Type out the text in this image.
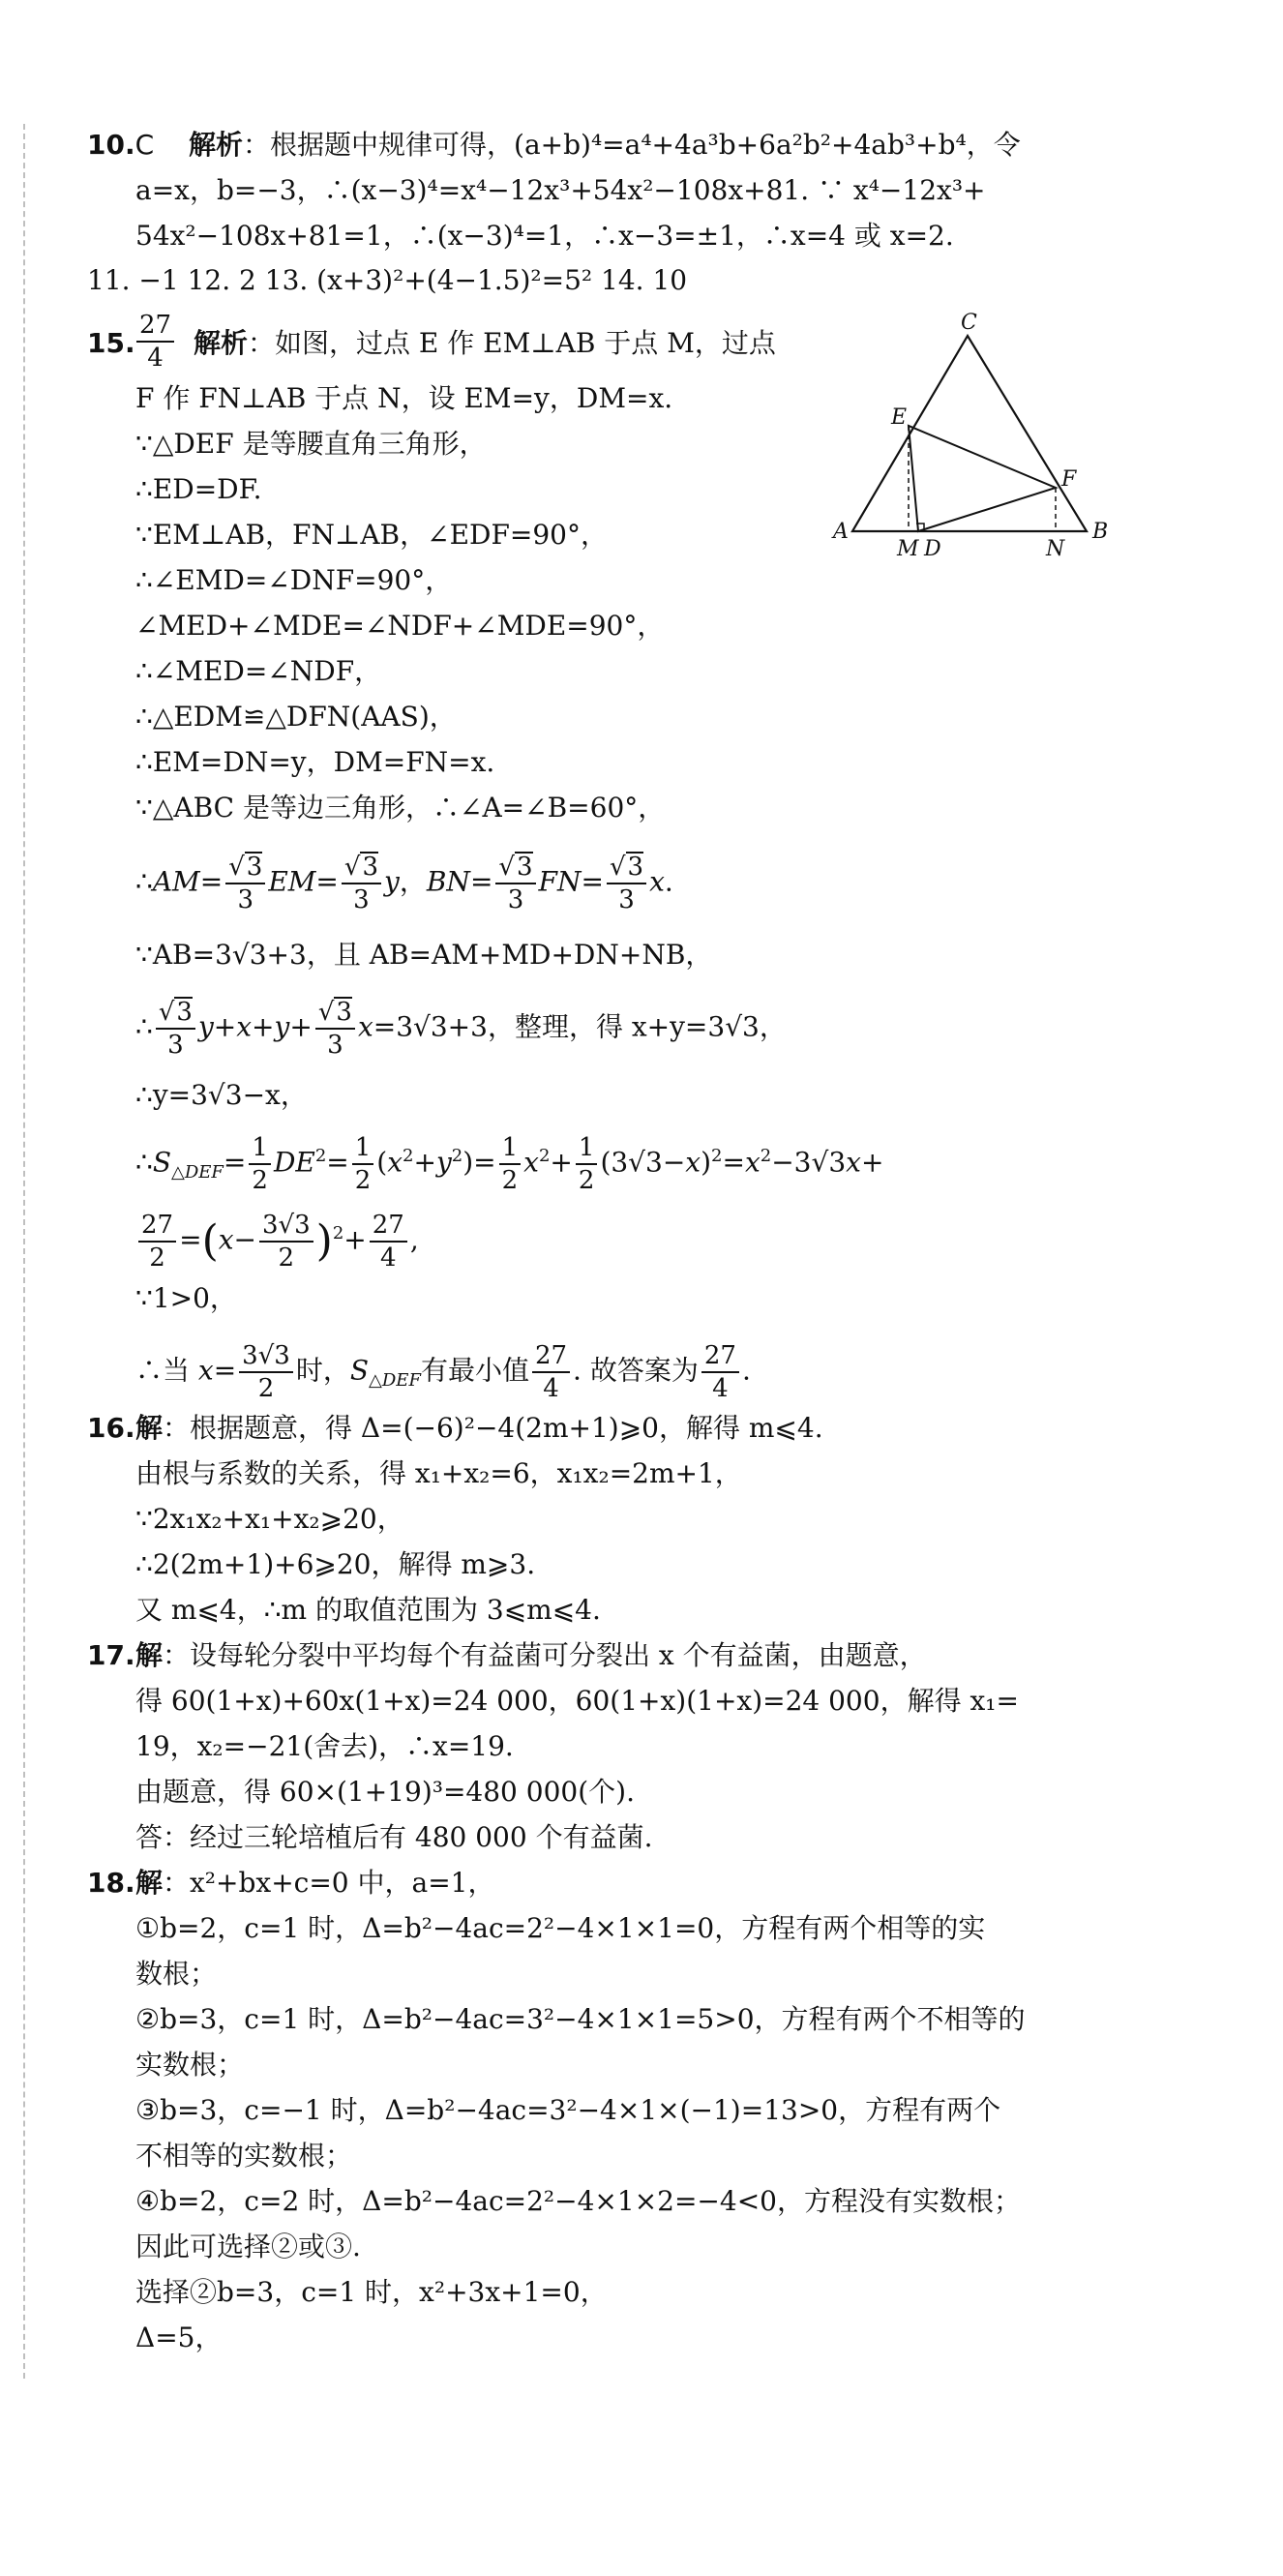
10.C 解析：根据题中规律可得，(a+b)⁴=a⁴+4a³b+6a²b²+4ab³+b⁴，令
a=x，b=−3，∴(x−3)⁴=x⁴−12x³+54x²−108x+81. ∵ x⁴−12x³+
54x²−108x+81=1，∴(x−3)⁴=1，∴x−3=±1，∴x=4 或 x=2.
11. −1 12. 2 13. (x+3)²+(4−1.5)²=5² 14. 10
15. $\frac{27}{4}$ 解析：如图，过点 E 作 EM⊥AB 于点 M，过点
F 作 FN⊥AB 于点 N，设 EM=y，DM=x.
∵△DEF 是等腰直角三角形，
∴ED=DF.
∵EM⊥AB，FN⊥AB，∠EDF=90°，
∴∠EMD=∠DNF=90°，
∠MED+∠MDE=∠NDF+∠MDE=90°，
∴∠MED=∠NDF，
∴△EDM≌△DFN(AAS)，
∴EM=DN=y，DM=FN=x.
∵△ABC 是等边三角形，∴∠A=∠B=60°，
∴AM= $\frac{√3}{3} EM= \frac{√3}{3}$ y，$BN= \frac{√3}{3} FN= \frac{√3}{3} x$.
∵AB=3√3+3，且 AB=AM+MD+DN+NB，
∴ $\frac{√3}{3} y+x+y+ \frac{√3}{3} x=3√3+3$，整理，得 x+y=3√3，
∴y=3√3−x，
$\therefore S_{\triangle DEF}= \frac{1}{2} DE^2= \frac{1}{2} (x^2+y^2)= \frac{1}{2} x^2+ \frac{1}{2} (3√3-x)^2=x^2-3√3x+$
$\frac{27}{2} =(x- \frac{3√3}{2} )^2+ \frac{27}{4}$ ,
∵1>0，
∴当 $x= \frac{3√3}{2}$ 时，$S_{\triangle DEF}$有最小值 $\frac{27}{4}$ . 故答案为 $\frac{27}{4}$ .
C
E
F
A
M D	N
B
16. 解：根据题意，得 Δ=(−6)²−4(2m+1)⩾0，解得 m⩽4.
由根与系数的关系，得 x₁+x₂=6，x₁x₂=2m+1，
∵2x₁x₂+x₁+x₂⩾20，
∴2(2m+1)+6⩾20，解得 m⩾3.
又 m⩽4，∴m 的取值范围为 3⩽m⩽4.
17. 解：设每轮分裂中平均每个有益菌可分裂出 x 个有益菌，由题意，
得 60(1+x)+60x(1+x)=24 000，60(1+x)(1+x)=24 000，解得 x₁=
19，x₂=−21(舍去)，∴x=19.
由题意，得 60×(1+19)³=480 000(个).
答：经过三轮培植后有 480 000 个有益菌.
18. 解：x²+bx+c=0 中，a=1，
①b=2，c=1 时，Δ=b²−4ac=2²−4×1×1=0，方程有两个相等的实
数根；
②b=3，c=1 时，Δ=b²−4ac=3²−4×1×1=5>0，方程有两个不相等的
实数根；
③b=3，c=−1 时，Δ=b²−4ac=3²−4×1×(−1)=13>0，方程有两个
不相等的实数根；
④b=2，c=2 时，Δ=b²−4ac=2²−4×1×2=−4<0，方程没有实数根；
因此可选择②或③.
选择②b=3，c=1 时，x²+3x+1=0，
Δ=5，
